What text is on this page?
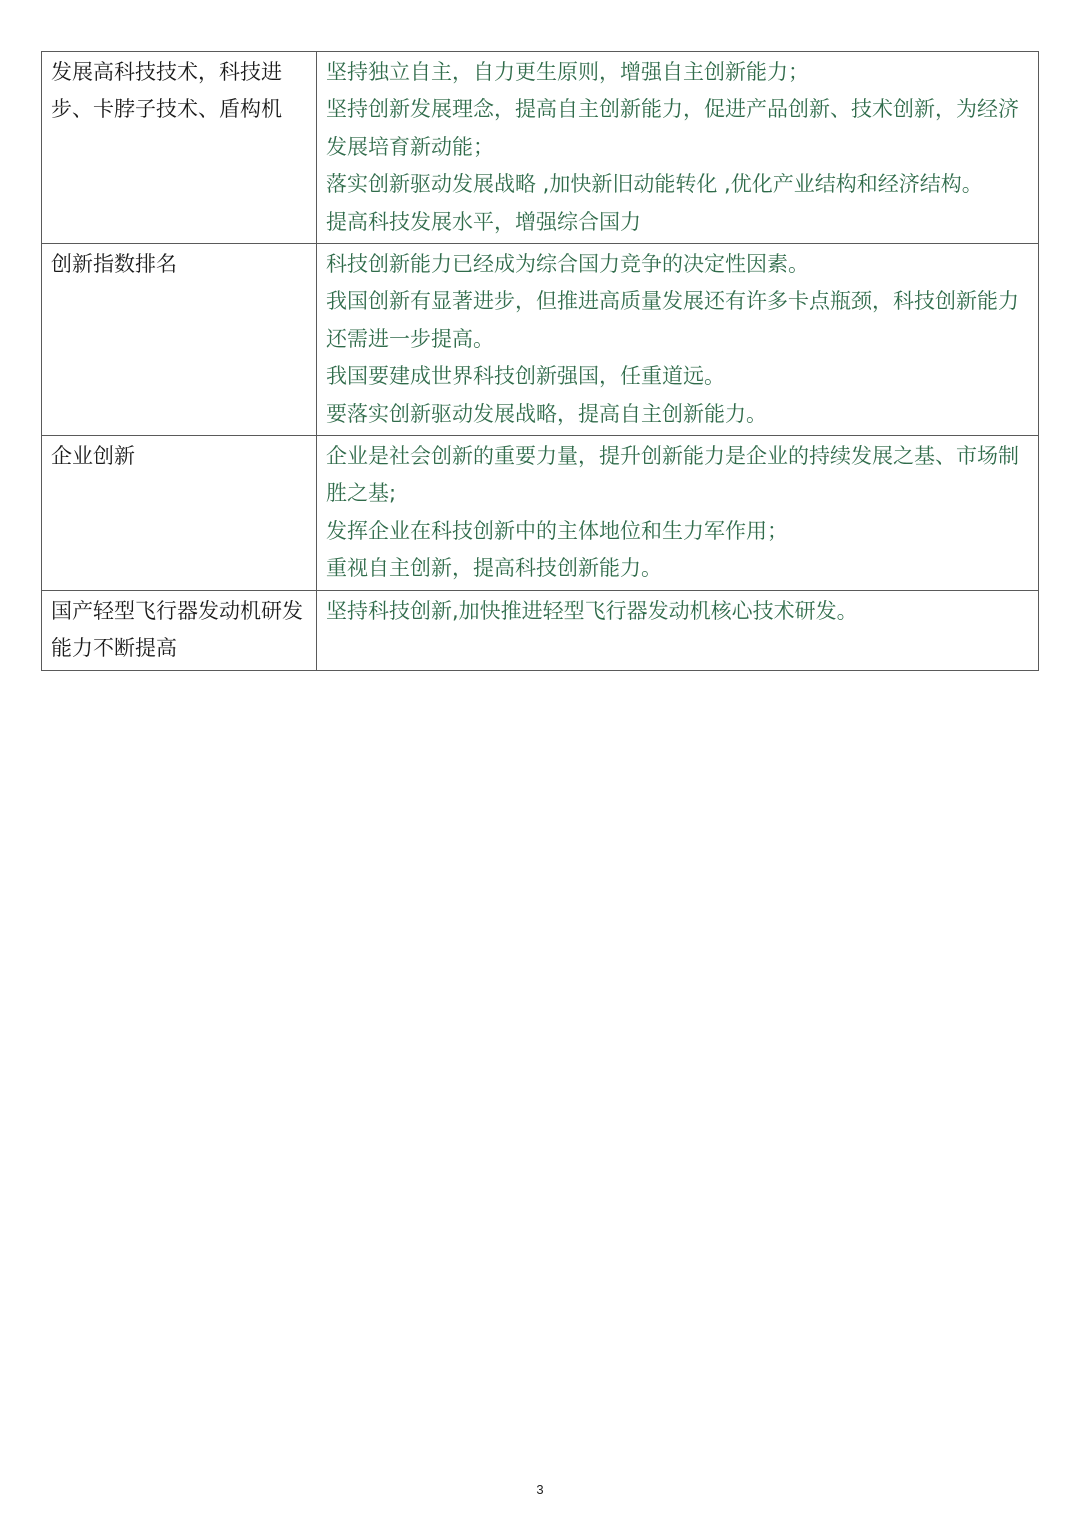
发展高科技技术，科技进步、卡脖子技术、盾构机	坚持独立自主，自力更生原则，增强自主创新能力；
坚持创新发展理念，提高自主创新能力，促进产品创新、技术创新，为经济发展培育新动能；
落实创新驱动发展战略 ,加快新旧动能转化 ,优化产业结构和经济结构。
提高科技发展水平，增强综合国力

创新指数排名	科技创新能力已经成为综合国力竞争的决定性因素。
我国创新有显著进步，但推进高质量发展还有许多卡点瓶颈，科技创新能力还需进一步提高。
我国要建成世界科技创新强国，任重道远。
要落实创新驱动发展战略，提高自主创新能力。

企业创新	企业是社会创新的重要力量，提升创新能力是企业的持续发展之基、市场制胜之基;
发挥企业在科技创新中的主体地位和生力军作用；
重视自主创新，提高科技创新能力。

国产轻型飞行器发动机研发能力不断提高	坚持科技创新,加快推进轻型飞行器发动机核心技术研发。
3
